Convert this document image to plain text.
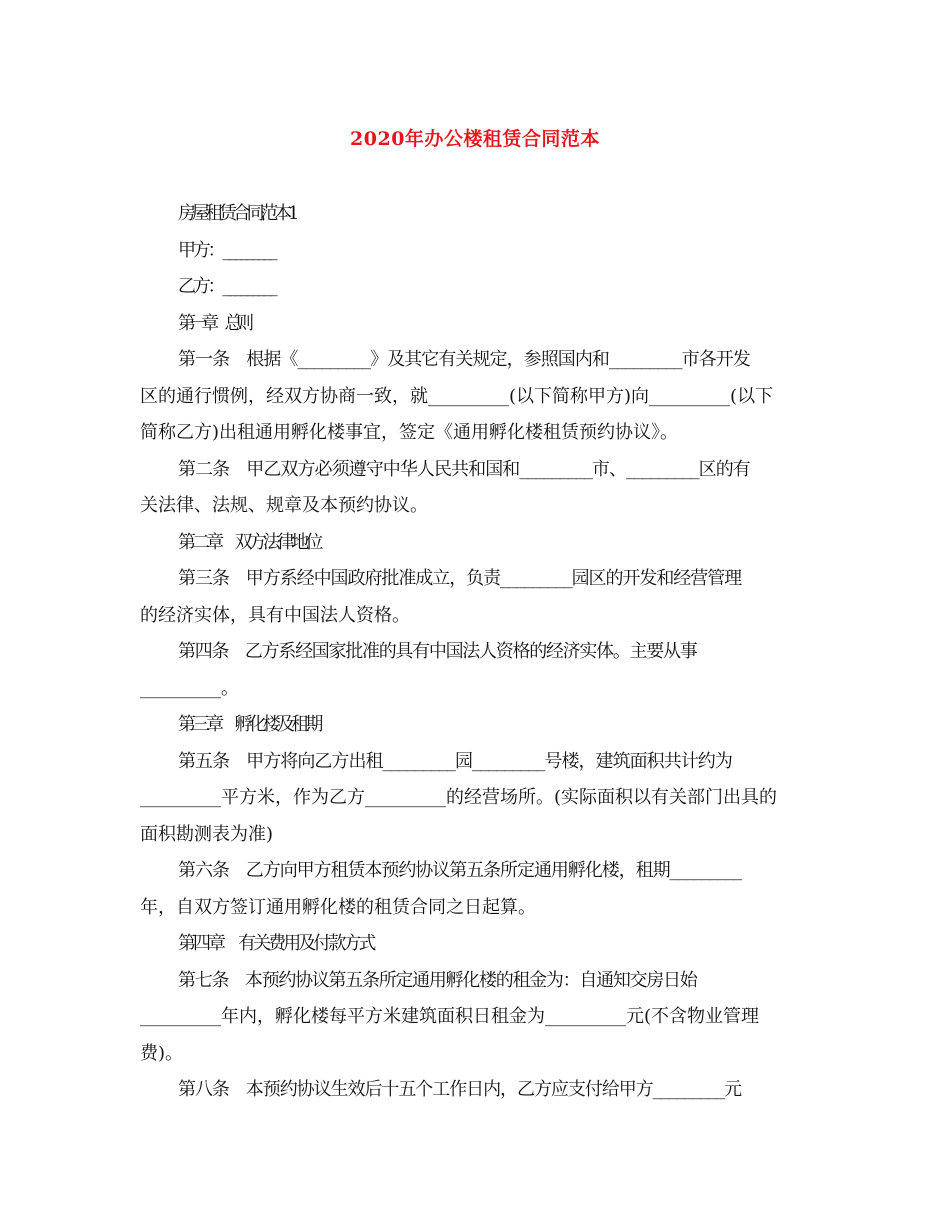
2020年办公楼租赁合同范本
房屋租赁合同范本1
甲方：_________
乙方：_________
第一章　总则
第一条　根据《_________》及其它有关规定，参照国内和_________市各开发
区的通行惯例，经双方协商一致，就_________(以下简称甲方)向_________(以下
简称乙方)出租通用孵化楼事宜，签定《通用孵化楼租赁预约协议》。
第二条　甲乙双方必须遵守中华人民共和国和_________市、_________区的有
关法律、法规、规章及本预约协议。
第二章　双方法律地位
第三条　甲方系经中国政府批准成立，负责_________园区的开发和经营管理
的经济实体，具有中国法人资格。
第四条　乙方系经国家批准的具有中国法人资格的经济实体。主要从事
_________。
第三章　孵化楼及租期
第五条　甲方将向乙方出租_________园_________号楼，建筑面积共计约为
_________平方米，作为乙方_________的经营场所。(实际面积以有关部门出具的
面积勘测表为准)
第六条　乙方向甲方租赁本预约协议第五条所定通用孵化楼，租期_________
年，自双方签订通用孵化楼的租赁合同之日起算。
第四章　有关费用及付款方式
第七条　本预约协议第五条所定通用孵化楼的租金为：自通知交房日始
_________年内，孵化楼每平方米建筑面积日租金为_________元(不含物业管理
费)。
第八条　本预约协议生效后十五个工作日内，乙方应支付给甲方_________元
